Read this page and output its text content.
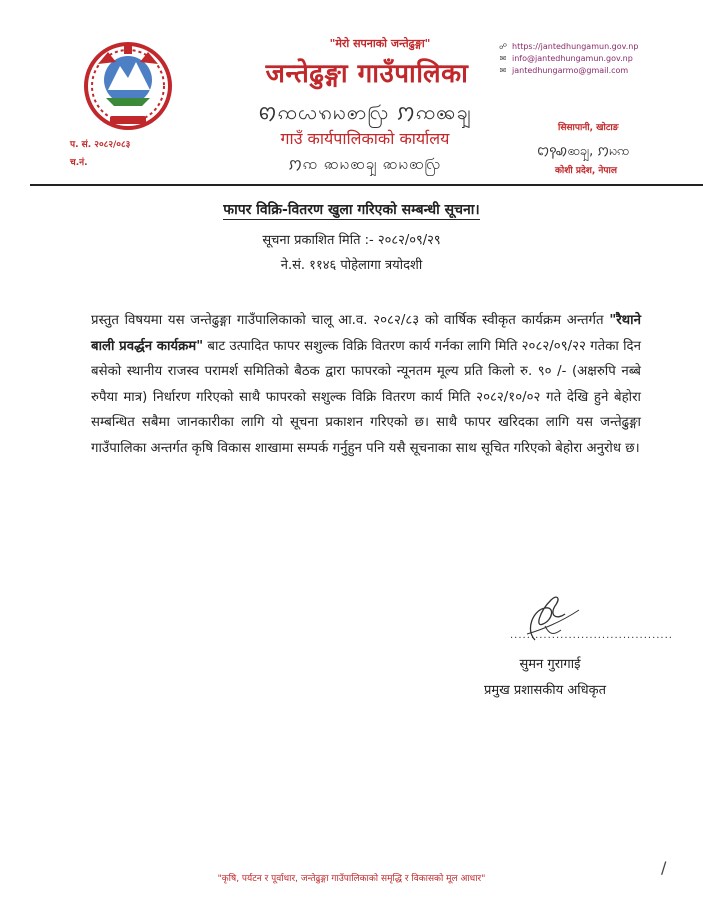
"मेरो सपनाको जन्तेढुङ्गा"
जन्तेढुङ्गा गाउँपालिका
ꩅꩡꩬꩫꩢꩦꩺ ꩀꩡꩩꩾ
गाउँ कार्यपालिकाको कार्यालय
ꩀꩡ ꩣꩢꩧꩾ ꩣꩢꩧꩺ
प. सं. २०८२/०८३
च.नं.
☍ https://jantedhungamun.gov.np
✉ info@jantedhungamun.gov.np
✉ jantedhungarmo@gmail.com
सिसापानी, खोटाङ
ꩊꩍꩉꩧꩾ, ꩀꩢꩡ
कोशी प्रदेश, नेपाल
फापर विक्रि-वितरण खुला गरिएको सम्बन्धी सूचना।
सूचना प्रकाशित मिति :- २०८२/०९/२९
ने.सं. ११४६ पोहेलागा त्रयोदशी
प्रस्तुत विषयमा यस जन्तेढुङ्गा गाउँपालिकाको चालू आ.व. २०८२/८३ को वार्षिक स्वीकृत कार्यक्रम अन्तर्गत "रैथाने बाली प्रवर्द्धन कार्यक्रम" बाट उत्पादित फापर सशुल्क विक्रि वितरण कार्य गर्नका लागि मिति २०८२/०९/२२ गतेका दिन बसेको स्थानीय राजस्व परामर्श समितिको बैठक द्वारा फापरको न्यूनतम मूल्य प्रति किलो रु. ९० /- (अक्षरुपि नब्बे रुपैया मात्र) निर्धारण गरिएको साथै फापरको सशुल्क विक्रि वितरण कार्य मिति २०८२/१०/०२ गते देखि हुने बेहोरा सम्बन्धित सबैमा जानकारीका लागि यो सूचना प्रकाशन गरिएको छ। साथै फापर खरिदका लागि यस जन्तेढुङ्गा गाउँपालिका अन्तर्गत कृषि विकास शाखामा सम्पर्क गर्नुहुन पनि यसै सूचनाका साथ सूचित गरिएको बेहोरा अनुरोध छ।
.......................................
सुमन गुरागाई
प्रमुख प्रशासकीय अधिकृत
"कृषि, पर्यटन र पूर्वाधार, जन्तेढुङ्गा गाउँपालिकाको समृद्धि र विकासको मूल आधार"
/
